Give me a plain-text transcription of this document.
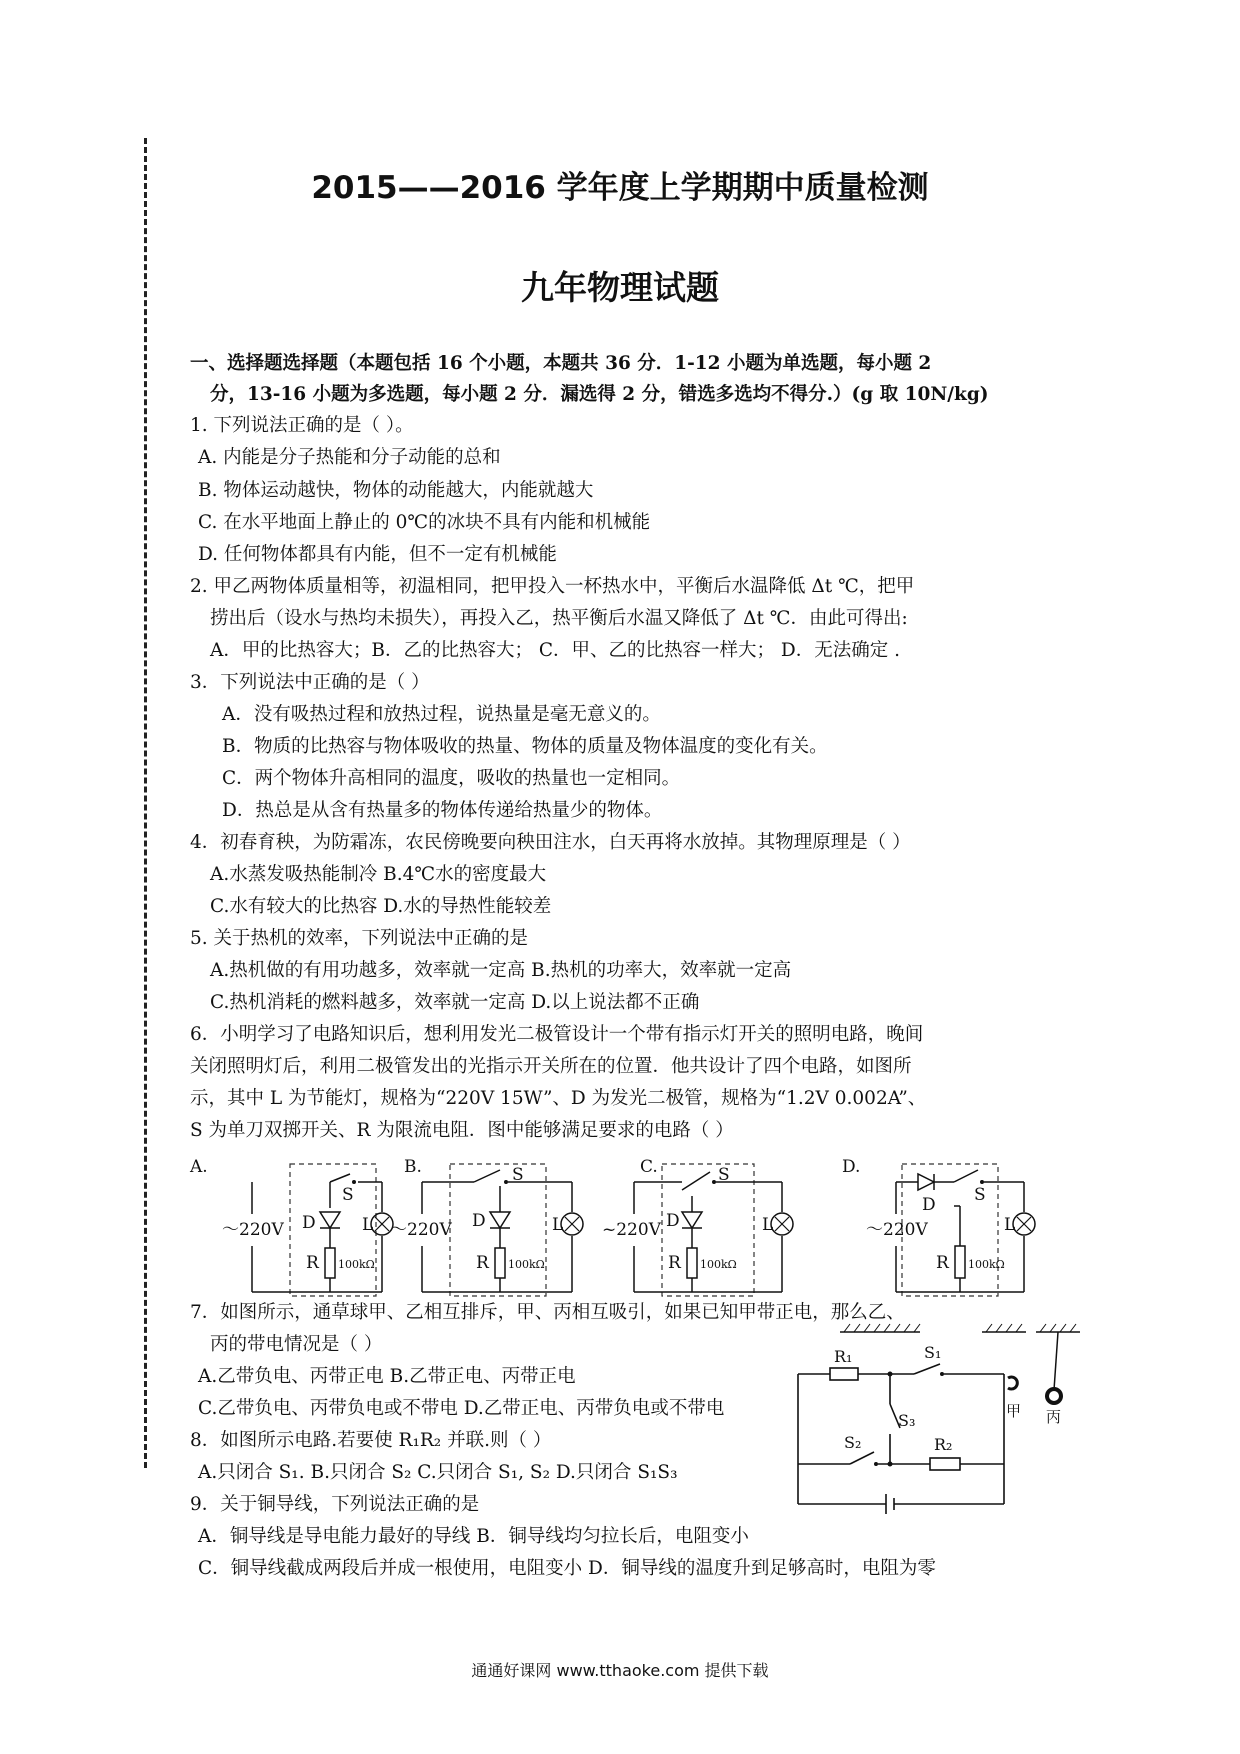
2015——2016 学年度上学期期中质量检测
九年物理试题
一、选择题选择题（本题包括 16 个小题，本题共 36 分．1-12 小题为单选题，每小题 2
分，13-16 小题为多选题，每小题 2 分．漏选得 2 分，错选多选均不得分.）(g 取 10N/kg)
1. 下列说法正确的是（ ）。
A. 内能是分子热能和分子动能的总和
B. 物体运动越快，物体的动能越大，内能就越大
C. 在水平地面上静止的 0℃的冰块不具有内能和机械能
D. 任何物体都具有内能，但不一定有机械能
2. 甲乙两物体质量相等，初温相同，把甲投入一杯热水中，平衡后水温降低 Δt ℃，把甲
捞出后（设水与热均未损失），再投入乙，热平衡后水温又降低了 Δt ℃．由此可得出:
A．甲的比热容大；B．乙的比热容大； C．甲、乙的比热容一样大； D．无法确定 .
3．下列说法中正确的是（ ）
A．没有吸热过程和放热过程，说热量是毫无意义的。
B．物质的比热容与物体吸收的热量、物体的质量及物体温度的变化有关。
C．两个物体升高相同的温度，吸收的热量也一定相同。
D．热总是从含有热量多的物体传递给热量少的物体。
4．初春育秧，为防霜冻，农民傍晚要向秧田注水，白天再将水放掉。其物理原理是（ ）
A.水蒸发吸热能制冷 B.4℃水的密度最大
C.水有较大的比热容 D.水的导热性能较差
5. 关于热机的效率，下列说法中正确的是
A.热机做的有用功越多，效率就一定高 B.热机的功率大，效率就一定高
C.热机消耗的燃料越多，效率就一定高 D.以上说法都不正确
6．小明学习了电路知识后，想利用发光二极管设计一个带有指示灯开关的照明电路，晚间
关闭照明灯后，利用二极管发出的光指示开关所在的位置．他共设计了四个电路，如图所
示，其中 L 为节能灯，规格为“220V 15W”、D 为发光二极管，规格为“1.2V 0.002A”、
S 为单刀双掷开关、R 为限流电阻．图中能够满足要求的电路（ ）
A.
～220V
S
L
D
R 100kΩ
B.
～220V
S
L
D
R 100kΩ
C.
~220V
S
L
D
R 100kΩ
D.
～220V
D S
L
R 100kΩ
7．如图所示，通草球甲、乙相互排斥，甲、丙相互吸引，如果已知甲带正电，那么乙、
丙的带电情况是（ ）
A.乙带负电、丙带正电 B.乙带正电、丙带正电
C.乙带负电、丙带负电或不带电 D.乙带正电、丙带负电或不带电
8．如图所示电路.若要使 R₁R₂ 并联.则（ ）
A.只闭合 S₁. B.只闭合 S₂ C.只闭合 S₁, S₂ D.只闭合 S₁S₃
9．关于铜导线，下列说法正确的是
A．铜导线是导电能力最好的导线 B．铜导线均匀拉长后，电阻变小
C．铜导线截成两段后并成一根使用，电阻变小 D．铜导线的温度升到足够高时，电阻为零
R₁	S₁
S₃
S₂	R₂
甲 丙
通通好课网 www.tthaoke.com 提供下载
